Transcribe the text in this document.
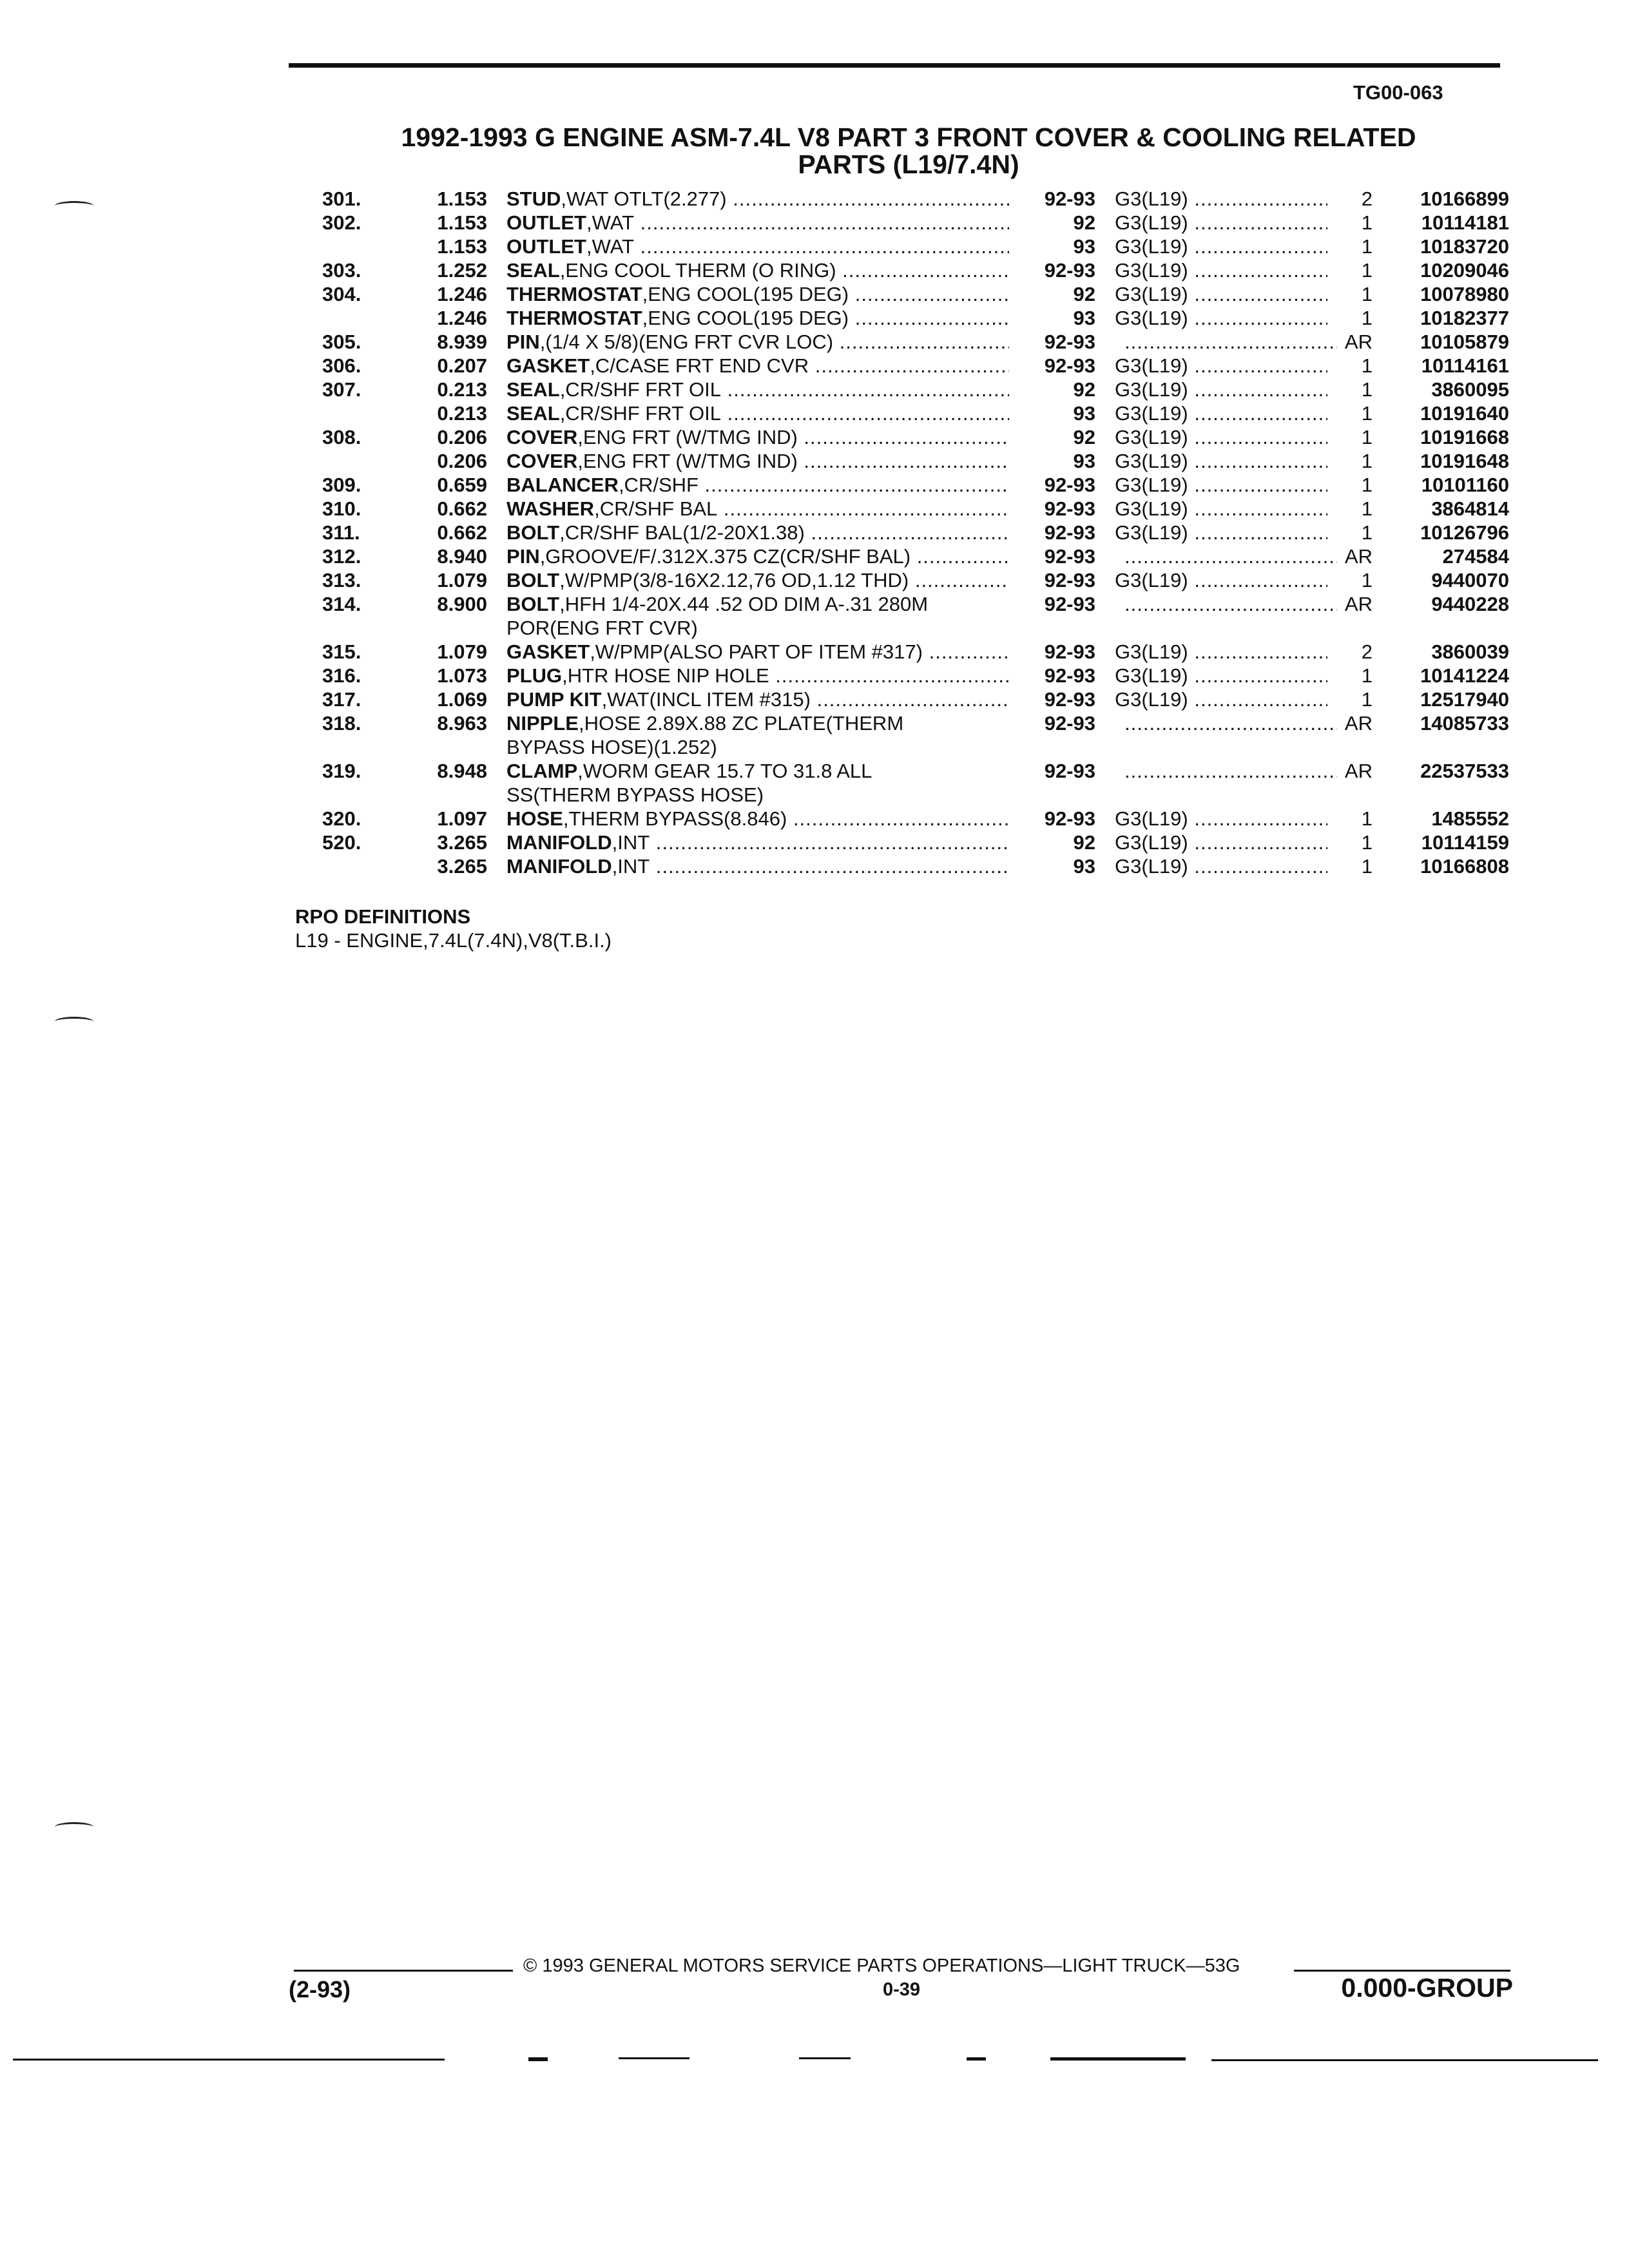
TG00-063
1992-1993 G ENGINE ASM-7.4L V8 PART 3 FRONT COVER & COOLING RELATED
PARTS (L19/7.4N)
301.	1.153 STUD,WAT OTLT(2.277) .....	92-93 G3(L19) .....	2 10166899
302.	1.153 OUTLET,WAT .....	92 G3(L19) .....	1 10114181
1.153 OUTLET,WAT .....	93 G3(L19) .....	1 10183720
303.	1.252 SEAL,ENG COOL THERM (O RING) .....	92-93 G3(L19) .....	1 10209046
304.	1.246 THERMOSTAT,ENG COOL(195 DEG) .....	92 G3(L19) .....	1 10078980
1.246 THERMOSTAT,ENG COOL(195 DEG) .....	93 G3(L19) .....	1 10182377
305.	8.939 PIN,(1/4 X 5/8)(ENG FRT CVR LOC) .....	92-93 .....	AR 10105879
306.	0.207 GASKET,C/CASE FRT END CVR .....	92-93 G3(L19) .....	1 10114161
307.	0.213 SEAL,CR/SHF FRT OIL .....	92 G3(L19) .....	1	3860095
0.213 SEAL,CR/SHF FRT OIL .....	93 G3(L19) .....	1 10191640
308.	0.206 COVER,ENG FRT (W/TMG IND) .....	92 G3(L19) .....	1 10191668
0.206 COVER,ENG FRT (W/TMG IND) .....	93 G3(L19) .....	1 10191648
309.	0.659 BALANCER,CR/SHF .....	92-93 G3(L19) .....	1 10101160
310.	0.662 WASHER,CR/SHF BAL .....	92-93 G3(L19) .....	1	3864814
311.	0.662 BOLT,CR/SHF BAL(1/2-20X1.38) .....	92-93 G3(L19) .....	1 10126796
312.	8.940 PIN,GROOVE/F/.312X.375 CZ(CR/SHF BAL) .....	92-93 .....	AR	274584
313.	1.079 BOLT,W/PMP(3/8-16X2.12,76 OD,1.12 THD) .....	92-93 G3(L19) .....	1	9440070
314.	8.900 BOLT,HFH 1/4-20X.44 .52 OD DIM A-.31 280M	92-93 .....	AR	9440228
POR(ENG FRT CVR)
315.	1.079 GASKET,W/PMP(ALSO PART OF ITEM #317) .....	92-93 G3(L19) .....	2	3860039
316.	1.073 PLUG,HTR HOSE NIP HOLE .....	92-93 G3(L19) .....	1 10141224
317.	1.069 PUMP KIT,WAT(INCL ITEM #315) .....	92-93 G3(L19) .....	1 12517940
318.	8.963 NIPPLE,HOSE 2.89X.88 ZC PLATE(THERM	92-93 .....	AR 14085733
BYPASS HOSE)(1.252)
319.	8.948 CLAMP,WORM GEAR 15.7 TO 31.8 ALL	92-93 .....	AR 22537533
SS(THERM BYPASS HOSE)
320.	1.097 HOSE,THERM BYPASS(8.846) .....	92-93 G3(L19) .....	1	1485552
520.	3.265 MANIFOLD,INT .....	92 G3(L19) .....	1 10114159
3.265 MANIFOLD,INT .....	93 G3(L19) .....	1 10166808
RPO DEFINITIONS
L19 - ENGINE,7.4L(7.4N),V8(T.B.I.)
© 1993 GENERAL MOTORS SERVICE PARTS OPERATIONS—LIGHT TRUCK—53G
(2-93)	0-39	0.000-GROUP
